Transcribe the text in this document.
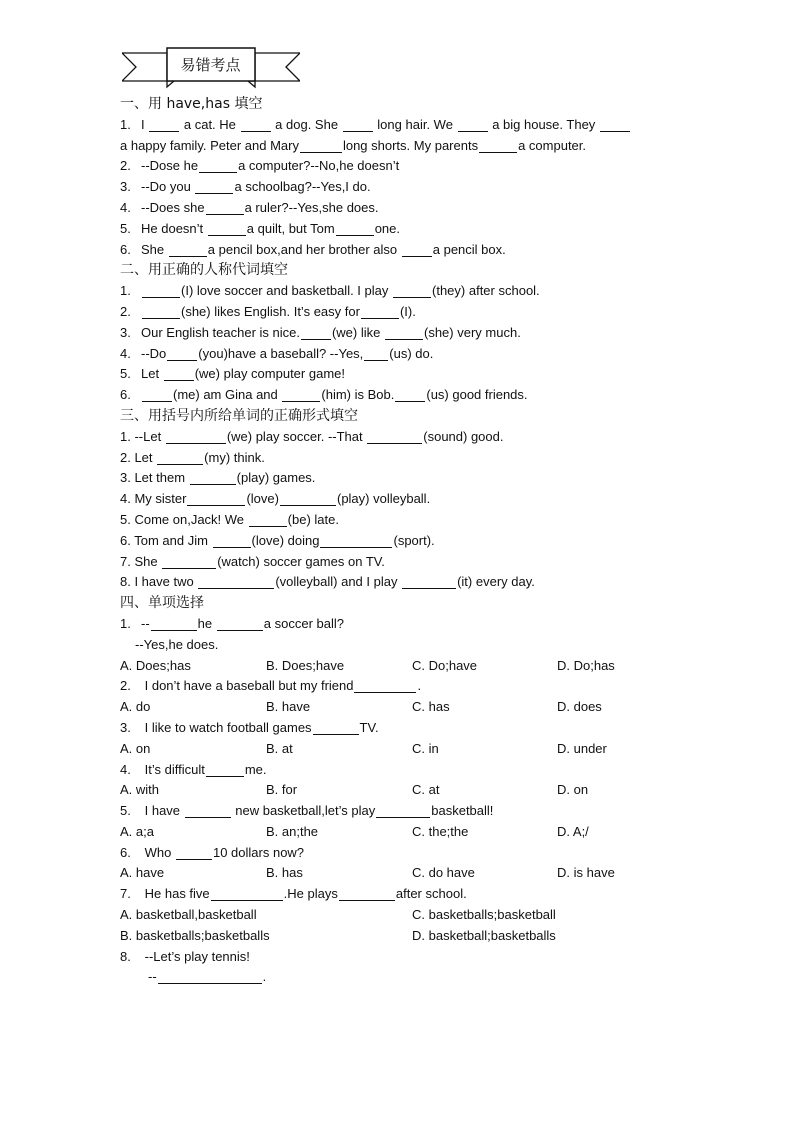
易错考点
一、用 have,has 填空
1. I	a cat. He	a dog. She	long hair. We	a big house. They
a happy family. Peter and Mary	long shorts. My parents	a computer.
2. --Dose he	a computer?--No,he doesn’t
3. --Do you	a schoolbag?--Yes,I do.
4. --Does she	a ruler?--Yes,she does.
5. He doesn’t	a quilt, but Tom	one.
6. She	a pencil box,and her brother also	a pencil box.
二、用正确的人称代词填空
1.	(I) love soccer and basketball. I play	(they) after school.
2.	(she) likes English. It’s easy for	(I).
3. Our English teacher is nice. (we) like	(she) very much.
4. --Do (you)have a baseball? --Yes, (us) do.
5. Let	(we) play computer game!
6.	(me) am Gina and	(him) is Bob. (us) good friends.
三、用括号内所给单词的正确形式填空
1. --Let	(we) play soccer. --That	(sound) good.
2. Let	(my) think.
3. Let them	(play) games.
4. My sister	(love)	(play) volleyball.
5. Come on,Jack! We	(be) late.
6. Tom and Jim	(love) doing	(sport).
7. She	(watch) soccer games on TV.
8. I have two	(volleyball) and I play	(it) every day.
四、单项选择
1. --	he	a soccer ball?
--Yes,he does.
A. Does;has	B. Does;have	C. Do;have	D. Do;has
2. I don’t have a baseball but my friend	.
A. do	B. have	C. has	D. does
3. I like to watch football games	TV.
A. on	B. at	C. in	D. under
4. It’s difficult	me.
A. with	B. for	C. at	D. on
5. I have	new basketball,let’s play	basketball!
A. a;a	B. an;the	C. the;the	D. A;/
6. Who	10 dollars now?
A. have	B. has	C. do have	D. is have
7. He has five	.He plays	after school.
A. basketball,basketball	C. basketballs;basketball
B. basketballs;basketballs	D. basketball;basketballs
8. --Let’s play tennis!
--	.
